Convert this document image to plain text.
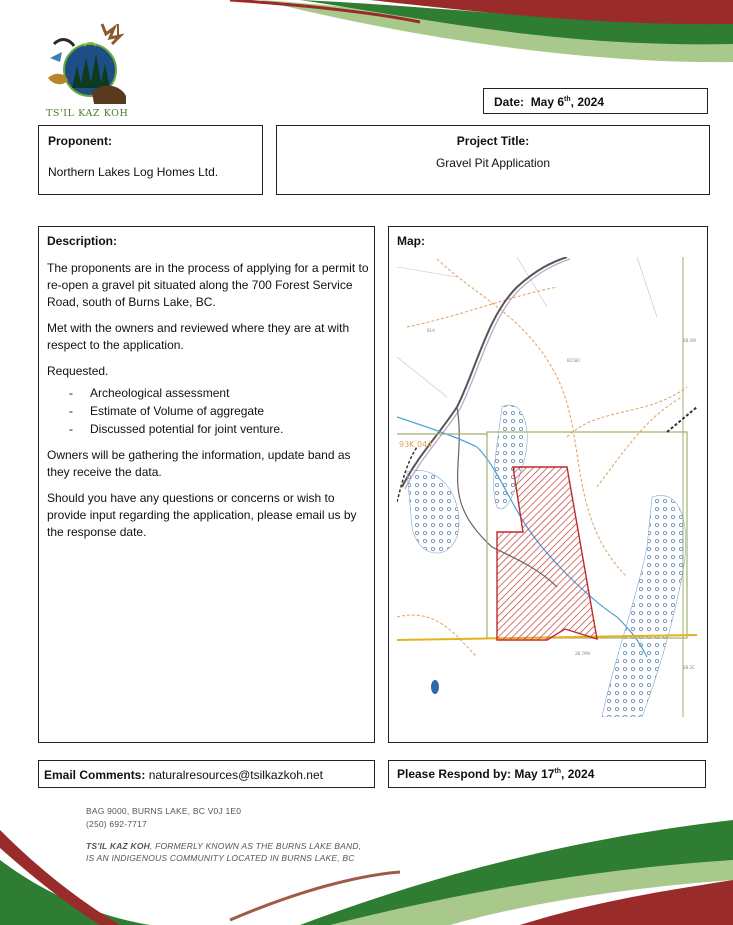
TS'IL KAZ KOH
Date: May 6th, 2024
Proponent:
Northern Lakes Log Homes Ltd.
Project Title:
Gravel Pit Application
Description:

The proponents are in the process of applying for a permit to re-open a gravel pit situated along the 700 Forest Service Road, south of Burns Lake, BC.

Met with the owners and reviewed where they are at with respect to the application.

Requested.

- Archeological assessment
- Estimate of Volume of aggregate
- Discussed potential for joint venture.

Owners will be gathering the information, update band as they receive the data.

Should you have any questions or concerns or wish to provide input regarding the application, please email us by the response date.

Map:
93K 044
81A
B1580
2B.4W
2B.7MH
2B.3C
Email Comments: naturalresources@tsilkazkoh.net	Please Respond by: May 17th, 2024
BAG 9000, BURNS LAKE, BC V0J 1E0
(250) 692-7717
TS'IL KAZ KOH, FORMERLY KNOWN AS THE BURNS LAKE BAND,
IS AN INDIGENOUS COMMUNITY LOCATED IN BURNS LAKE, BC
